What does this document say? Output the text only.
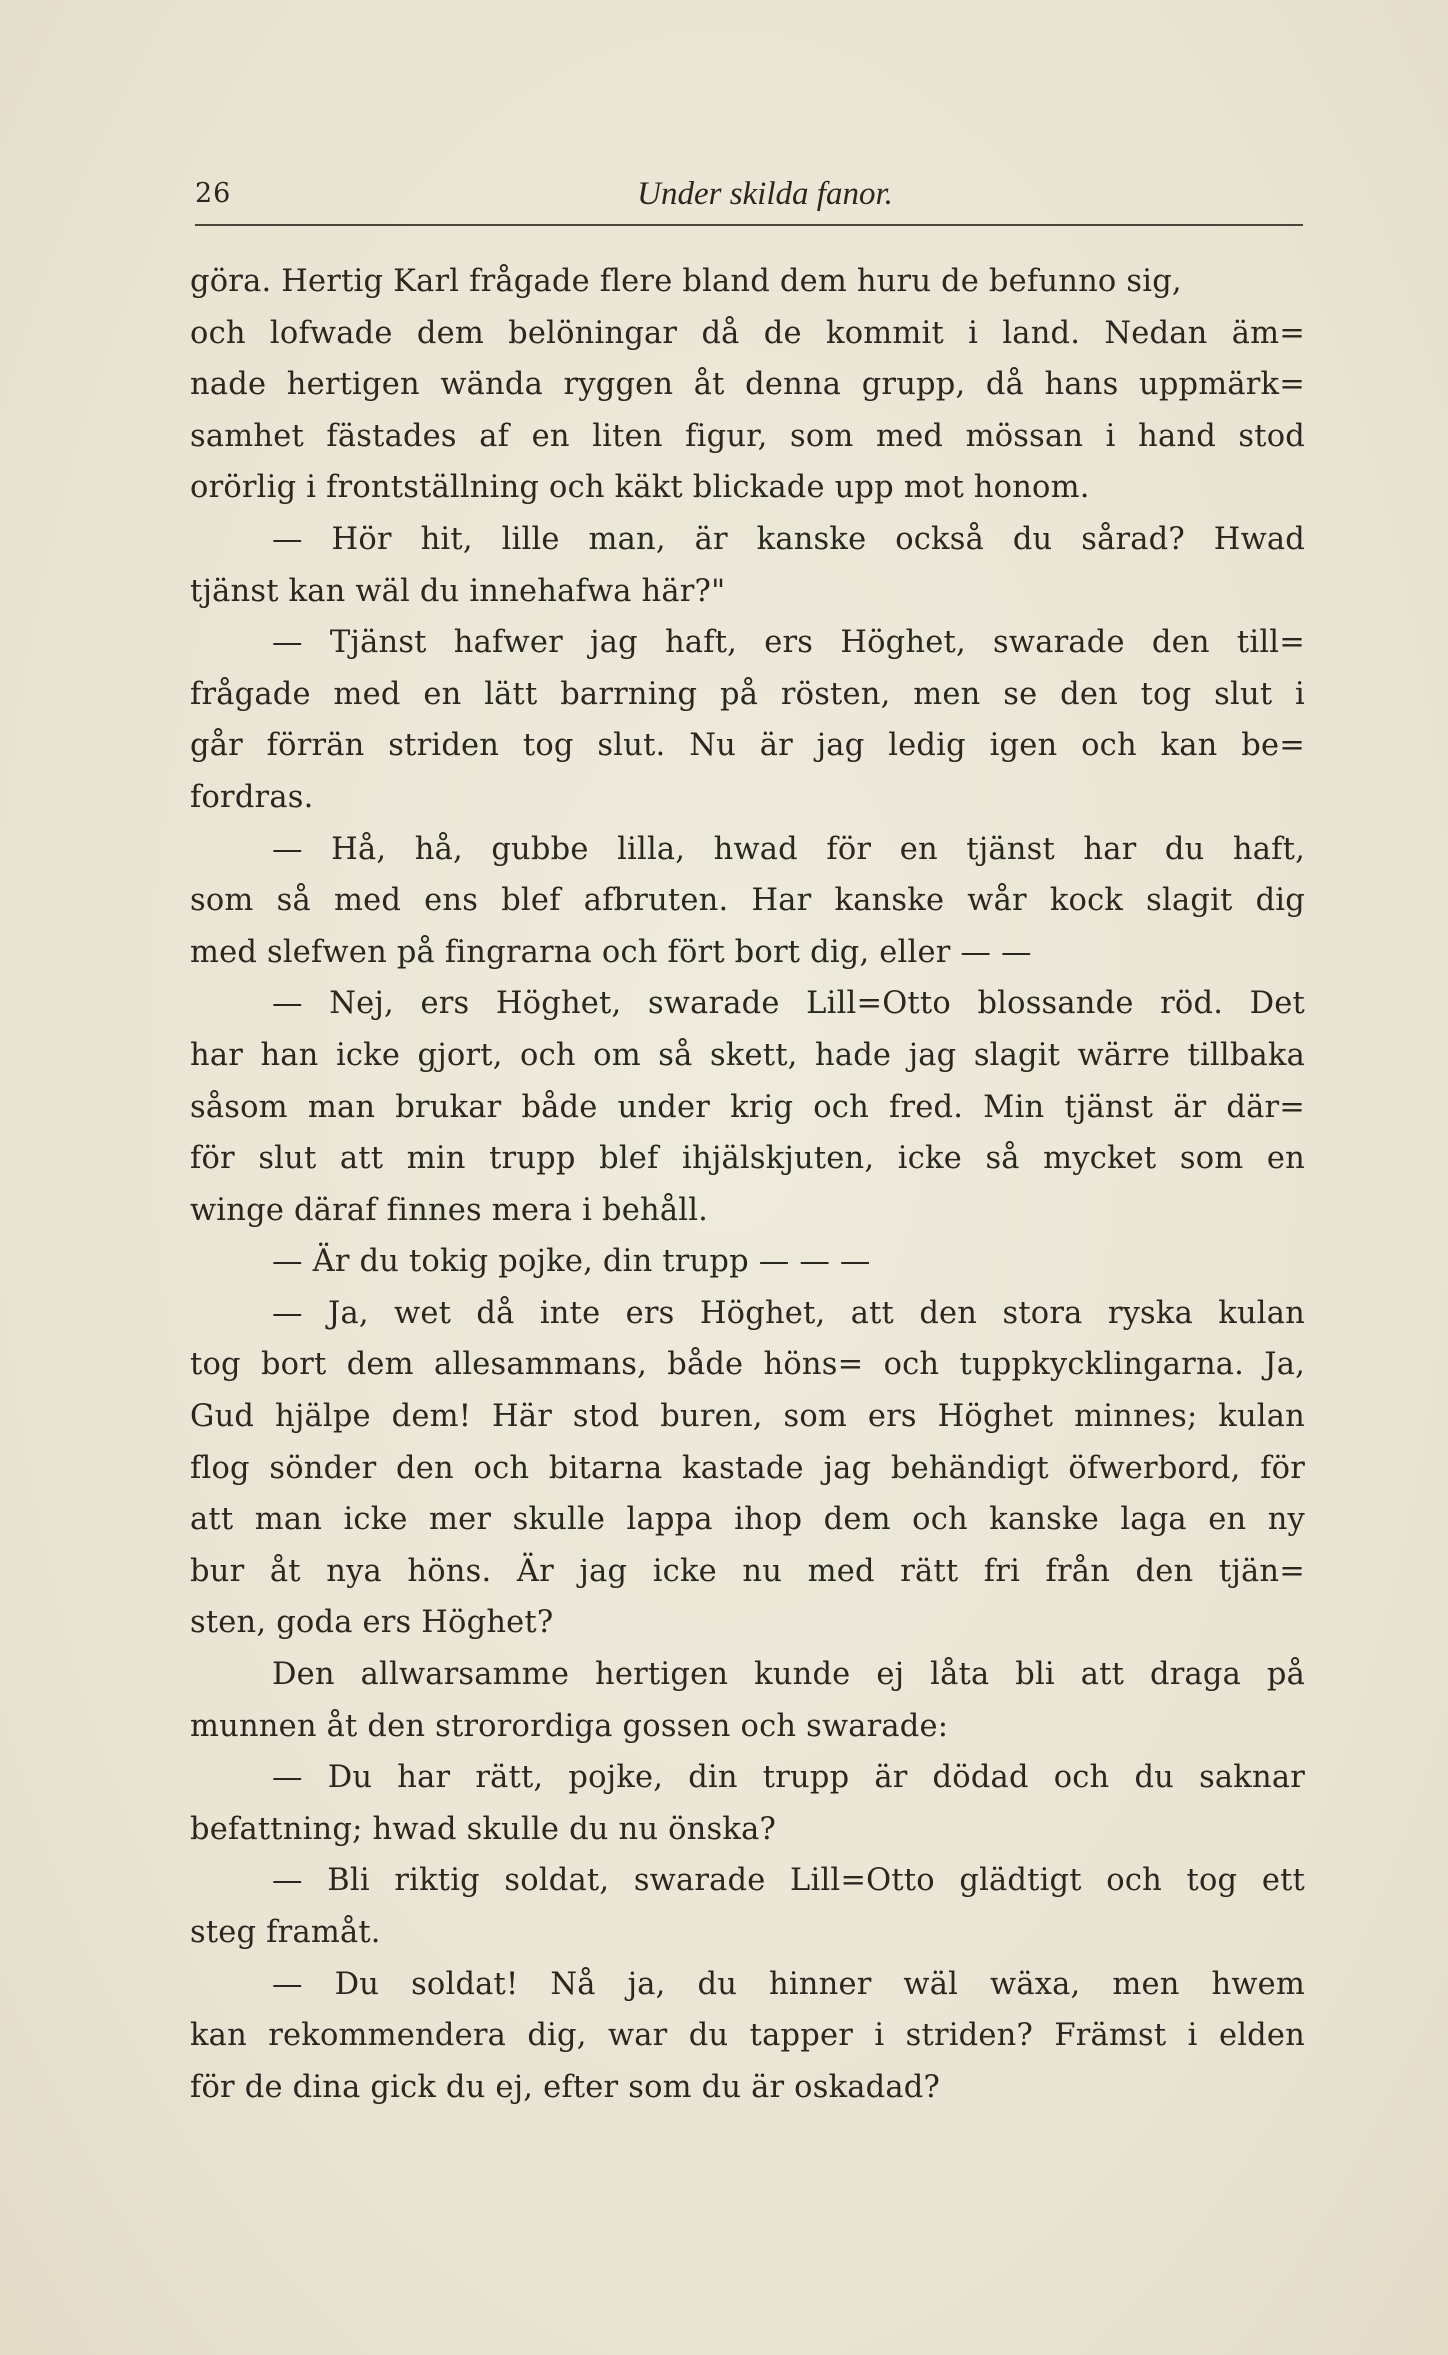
26	Under skilda fanor.
göra. Hertig Karl frågade flere bland dem huru de befunno sig,
och lofwade dem belöningar då de kommit i land. Nedan äm=
nade hertigen wända ryggen åt denna grupp, då hans uppmärk=
samhet fästades af en liten figur, som med mössan i hand stod
orörlig i frontställning och käkt blickade upp mot honom.
— Hör hit, lille man, är kanske också du sårad? Hwad
tjänst kan wäl du innehafwa här?"
— Tjänst hafwer jag haft, ers Höghet, swarade den till=
frågade med en lätt barrning på rösten, men se den tog slut i
går förrän striden tog slut. Nu är jag ledig igen och kan be=
fordras.
— Hå, hå, gubbe lilla, hwad för en tjänst har du haft,
som så med ens blef afbruten. Har kanske wår kock slagit dig
med slefwen på fingrarna och fört bort dig, eller — —
— Nej, ers Höghet, swarade Lill=Otto blossande röd. Det
har han icke gjort, och om så skett, hade jag slagit wärre tillbaka
såsom man brukar både under krig och fred. Min tjänst är där=
för slut att min trupp blef ihjälskjuten, icke så mycket som en
winge däraf finnes mera i behåll.
— Är du tokig pojke, din trupp — — —
— Ja, wet då inte ers Höghet, att den stora ryska kulan
tog bort dem allesammans, både höns= och tuppkycklingarna. Ja,
Gud hjälpe dem! Här stod buren, som ers Höghet minnes; kulan
flog sönder den och bitarna kastade jag behändigt öfwerbord, för
att man icke mer skulle lappa ihop dem och kanske laga en ny
bur åt nya höns. Är jag icke nu med rätt fri från den tjän=
sten, goda ers Höghet?
Den allwarsamme hertigen kunde ej låta bli att draga på
munnen åt den strorordiga gossen och swarade:
— Du har rätt, pojke, din trupp är dödad och du saknar
befattning; hwad skulle du nu önska?
— Bli riktig soldat, swarade Lill=Otto glädtigt och tog ett
steg framåt.
— Du soldat! Nå ja, du hinner wäl wäxa, men hwem
kan rekommendera dig, war du tapper i striden? Främst i elden
för de dina gick du ej, efter som du är oskadad?
